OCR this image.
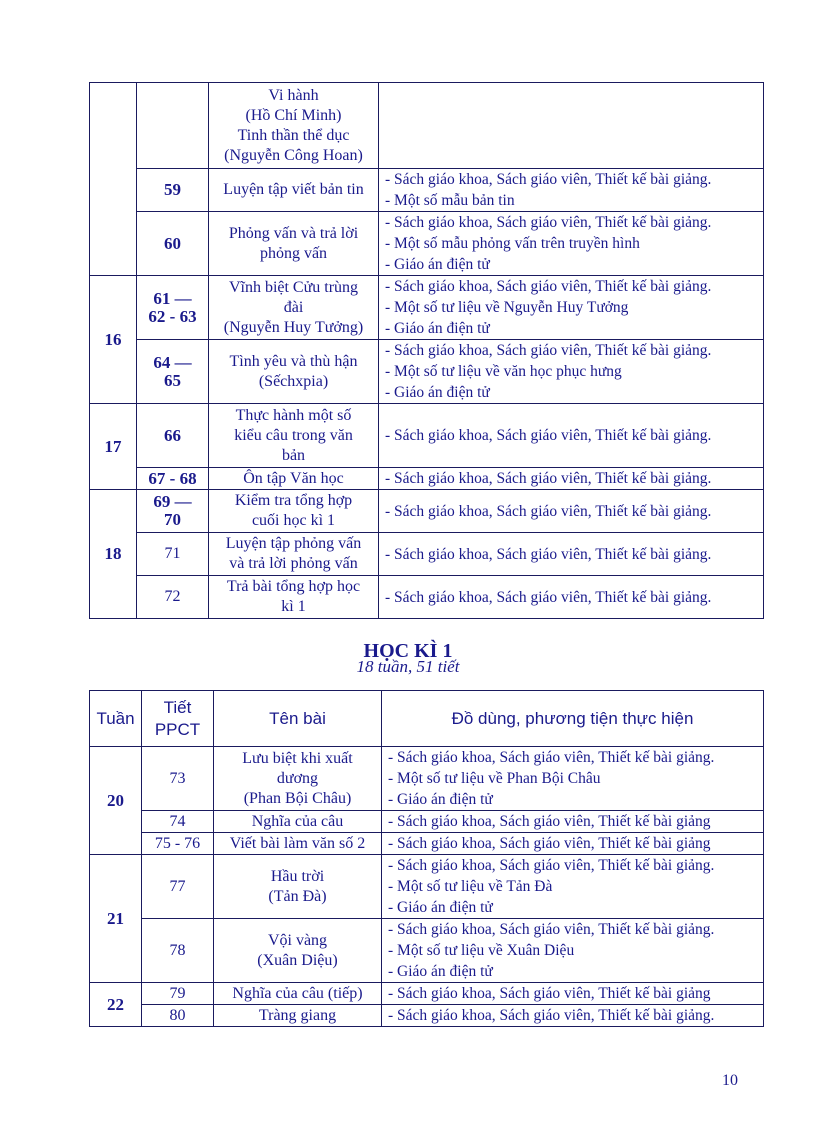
		Vi hành
(Hồ Chí Minh)
Tinh thần thể dục
(Nguyễn Công Hoan)	

	59	Luyện tập viết bản tin	- Sách giáo khoa, Sách giáo viên, Thiết kế bài giảng.
- Một số mẫu bản tin

	60	Phỏng vấn và trả lời
phỏng vấn	- Sách giáo khoa, Sách giáo viên, Thiết kế bài giảng.
- Một số mẫu phỏng vấn trên truyền hình
- Giáo án điện tử

16	61 —
62 - 63	Vĩnh biệt Cửu trùng
đài
(Nguyễn Huy Tưởng)	- Sách giáo khoa, Sách giáo viên, Thiết kế bài giảng.
- Một số tư liệu về Nguyễn Huy Tưởng
- Giáo án điện tử

	64 —
65	Tình yêu và thù hận
(Sếchxpia)	- Sách giáo khoa, Sách giáo viên, Thiết kế bài giảng.
- Một số tư liệu về văn học phục hưng
- Giáo án điện tử

17	66	Thực hành một số
kiểu câu trong văn
bản	- Sách giáo khoa, Sách giáo viên, Thiết kế bài giảng.

	67 - 68	Ôn tập Văn học	- Sách giáo khoa, Sách giáo viên, Thiết kế bài giảng.

18	69 —
70	Kiểm tra tổng hợp
cuối học kì 1	- Sách giáo khoa, Sách giáo viên, Thiết kế bài giảng.

	71	Luyện tập phỏng vấn
và trả lời phỏng vấn	- Sách giáo khoa, Sách giáo viên, Thiết kế bài giảng.

	72	Trả bài tổng hợp học
kì 1	- Sách giáo khoa, Sách giáo viên, Thiết kế bài giảng.
HỌC KÌ 1
18 tuần, 51 tiết
Tuần	Tiết
PPCT	Tên bài	Đồ dùng, phương tiện thực hiện
20	73	Lưu biệt khi xuất
dương
(Phan Bội Châu)	- Sách giáo khoa, Sách giáo viên, Thiết kế bài giảng.
- Một số tư liệu về Phan Bội Châu
- Giáo án điện tử

	74	Nghĩa của câu	- Sách giáo khoa, Sách giáo viên, Thiết kế bài giảng

	75 - 76	Viết bài làm văn số 2	- Sách giáo khoa, Sách giáo viên, Thiết kế bài giảng

21	77	Hầu trời
(Tản Đà)	- Sách giáo khoa, Sách giáo viên, Thiết kế bài giảng.
- Một số tư liệu về Tản Đà
- Giáo án điện tử

	78	Vội vàng
(Xuân Diệu)	- Sách giáo khoa, Sách giáo viên, Thiết kế bài giảng.
- Một số tư liệu về Xuân Diệu
- Giáo án điện tử

22	79	Nghĩa của câu (tiếp)	- Sách giáo khoa, Sách giáo viên, Thiết kế bài giảng

	80	Tràng giang	- Sách giáo khoa, Sách giáo viên, Thiết kế bài giảng.
10
